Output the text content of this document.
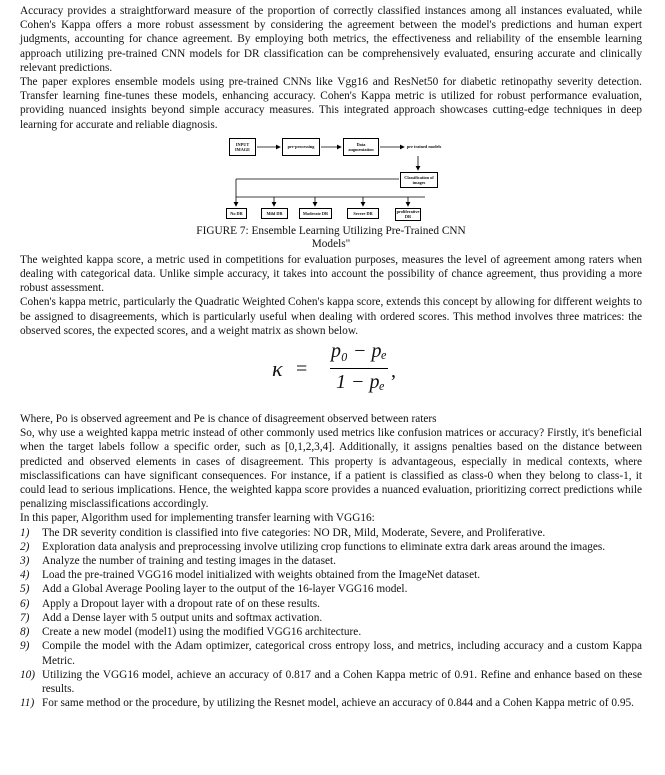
Accuracy provides a straightforward measure of the proportion of correctly classified instances among all instances evaluated, while Cohen's Kappa offers a more robust assessment by considering the agreement between the model's predictions and human expert judgments, accounting for chance agreement. By employing both metrics, the effectiveness and reliability of the ensemble learning approach utilizing pre-trained CNN models for DR classification can be comprehensively evaluated, ensuring accurate and clinically relevant predictions.

The paper explores ensemble models using pre-trained CNNs like Vgg16 and ResNet50 for diabetic retinopathy severity detection. Transfer learning fine-tunes these models, enhancing accuracy. Cohen's Kappa metric is utilized for robust performance evaluation, providing nuanced insights beyond simple accuracy measures. This integrated approach showcases cutting-edge techniques in deep learning for accurate and reliable diagnosis.

INPUT IMAGE	pre-processing	Data augmentation	pre trained models
Classification of images
No DR	Mild DR	Moderate DR	Severe DR	proliferative DR

FIGURE 7: Ensemble Learning Utilizing Pre-Trained CNN Models"

The weighted kappa score, a metric used in competitions for evaluation purposes, measures the level of agreement among raters when dealing with categorical data. Unlike simple accuracy, it takes into account the possibility of chance agreement, thus providing a more robust assessment.

Cohen's kappa metric, particularly the Quadratic Weighted Cohen's kappa score, extends this concept by allowing for different weights to be assigned to disagreements, which is particularly useful when dealing with ordered scores. This method involves three matrices: the observed scores, the expected scores, and a weight matrix as shown below.

κ =
p₀ − pₑ
1 − pₑ ,

Where, Po is observed agreement and Pe is chance of disagreement observed between raters

So, why use a weighted kappa metric instead of other commonly used metrics like confusion matrices or accuracy? Firstly, it's beneficial when the target labels follow a specific order, such as [0,1,2,3,4]. Additionally, it assigns penalties based on the distance between predicted and observed elements in cases of disagreement. This property is advantageous, especially in medical contexts, where misclassifications can have significant consequences. For instance, if a patient is classified as class-0 when they belong to class-1, it could lead to serious implications. Hence, the weighted kappa score provides a nuanced evaluation, prioritizing correct predictions while penalizing misclassifications accordingly.

In this paper, Algorithm used for implementing transfer learning with VGG16:

1) The DR severity condition is classified into five categories: NO DR, Mild, Moderate, Severe, and Proliferative.
2) Exploration data analysis and preprocessing involve utilizing crop functions to eliminate extra dark areas around the images.
3) Analyze the number of training and testing images in the dataset.
4) Load the pre-trained VGG16 model initialized with weights obtained from the ImageNet dataset.
5) Add a Global Average Pooling layer to the output of the 16-layer VGG16 model.
6) Apply a Dropout layer with a dropout rate of on these results.
7) Add a Dense layer with 5 output units and softmax activation.
8) Create a new model (model1) using the modified VGG16 architecture.
9) Compile the model with the Adam optimizer, categorical cross entropy loss, and metrics, including accuracy and a custom Kappa Metric.
10) Utilizing the VGG16 model, achieve an accuracy of 0.817 and a Cohen Kappa metric of 0.91. Refine and enhance based on these results.
11) For same method or the procedure, by utilizing the Resnet model, achieve an accuracy of 0.844 and a Cohen Kappa metric of 0.95.
